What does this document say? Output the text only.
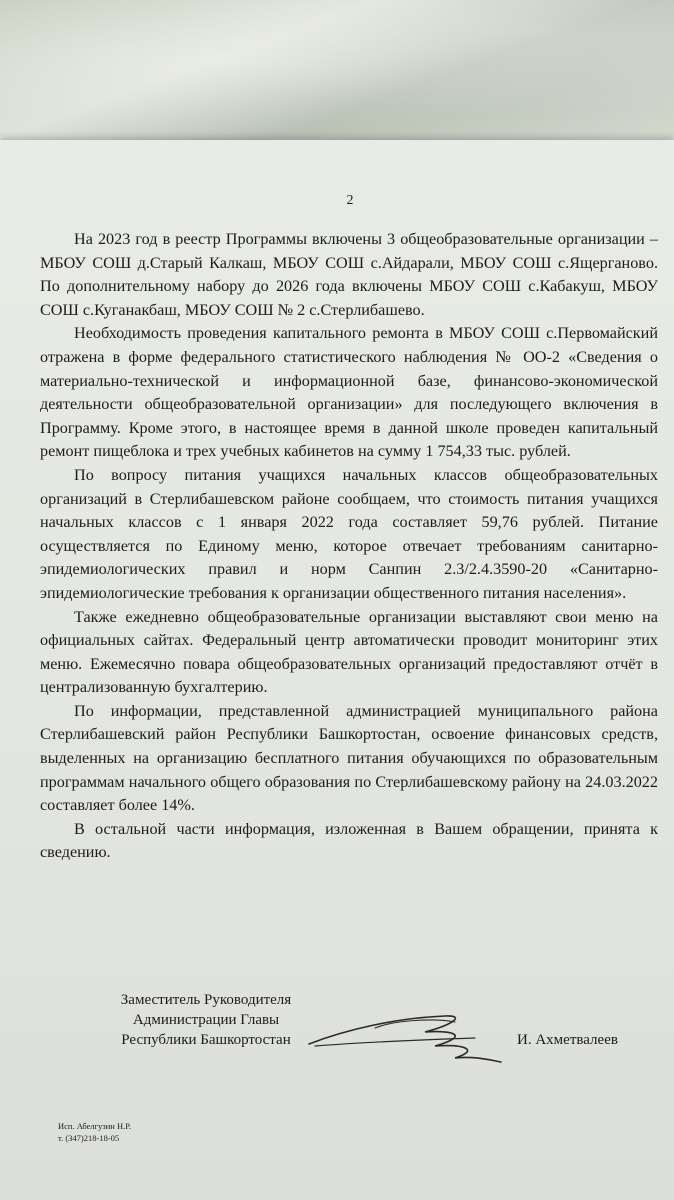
2

На 2023 год в реестр Программы включены 3 общеобразовательные организации – МБОУ СОШ д.Старый Калкаш, МБОУ СОШ с.Айдарали, МБОУ СОШ с.Ящерганово. По дополнительному набору до 2026 года включены МБОУ СОШ с.Кабакуш, МБОУ СОШ с.Куганакбаш, МБОУ СОШ № 2 с.Стерлибашево.

Необходимость проведения капитального ремонта в МБОУ СОШ с.Первомайский отражена в форме федерального статистического наблюдения № ОО-2 «Сведения о материально-технической и информационной базе, финансово-экономической деятельности общеобразовательной организации» для последующего включения в Программу. Кроме этого, в настоящее время в данной школе проведен капитальный ремонт пищеблока и трех учебных кабинетов на сумму 1 754,33 тыс. рублей.

По вопросу питания учащихся начальных классов общеобразовательных организаций в Стерлибашевском районе сообщаем, что стоимость питания учащихся начальных классов с 1 января 2022 года составляет 59,76 рублей. Питание осуществляется по Единому меню, которое отвечает требованиям санитарно-эпидемиологических правил и норм Санпин 2.3/2.4.3590-20 «Санитарно-эпидемиологические требования к организации общественного питания населения».

Также ежедневно общеобразовательные организации выставляют свои меню на официальных сайтах. Федеральный центр автоматически проводит мониторинг этих меню. Ежемесячно повара общеобразовательных организаций предоставляют отчёт в централизованную бухгалтерию.

По информации, представленной администрацией муниципального района Стерлибашевский район Республики Башкортостан, освоение финансовых средств, выделенных на организацию бесплатного питания обучающихся по образовательным программам начального общего образования по Стерлибашевскому району на 24.03.2022 составляет более 14%.

В остальной части информация, изложенная в Вашем обращении, принята к сведению.

Заместитель Руководителя
Администрации Главы
Республики Башкортостан	И. Ахметвалеев
Исп. Абелгузин Н.Р.
т. (347)218-18-05
